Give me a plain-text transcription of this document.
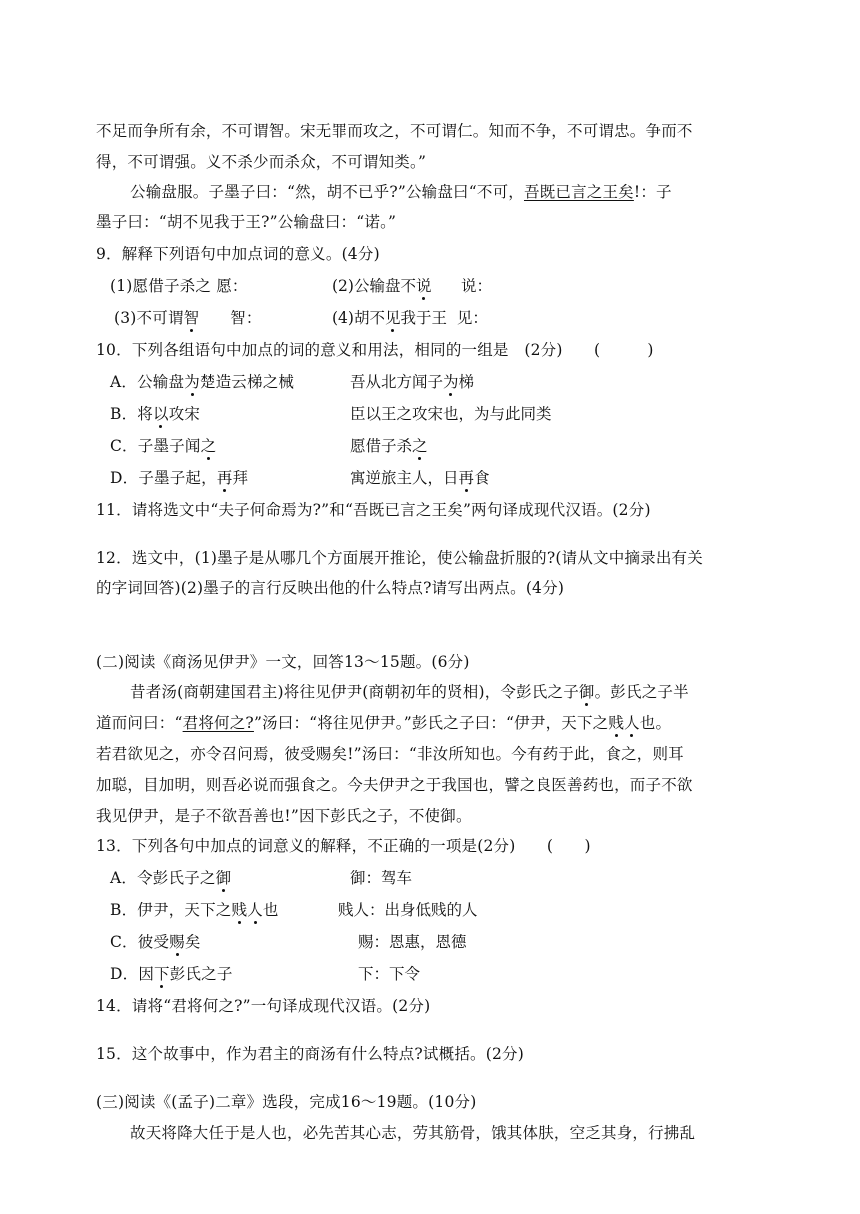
不足而争所有余，不可谓智。宋无罪而攻之，不可谓仁。知而不争，不可谓忠。争而不
得，不可谓强。义不杀少而杀众，不可谓知类。”
公输盘服。子墨子曰：“然，胡不已乎?”公输盘曰“不可，吾既已言之王矣!：子
墨子曰：“胡不见我于王?”公输盘曰：“诺。”
9．解释下列语句中加点词的意义。(4分)
(1)愿借子杀之 愿：	(2)公输盘不说 说：
(3)不可谓智 智：	(4)胡不见我于王 见：
10．下列各组语句中加点的词的意义和用法，相同的一组是　(2分)　　(　　　)
A．公输盘为楚造云梯之械	吾从北方闻子为梯
B．将以攻宋	臣以王之攻宋也，为与此同类
C．子墨子闻之	愿借子杀之
D．子墨子起，再拜	寓逆旅主人，日再食
11．请将选文中“夫子何命焉为?”和“吾既已言之王矣”两句译成现代汉语。(2分)
12．选文中，(1)墨子是从哪几个方面展开推论，使公输盘折服的?(请从文中摘录出有关
的字词回答)(2)墨子的言行反映出他的什么特点?请写出两点。(4分)
(二)阅读《商汤见伊尹》一文，回答13～15题。(6分)
昔者汤(商朝建国君主)将往见伊尹(商朝初年的贤相)，令彭氏之子御。彭氏之子半
道而问曰：“君将何之?”汤曰：“将往见伊尹。”彭氏之子曰：“伊尹，天下之贱人也。
若君欲见之，亦令召问焉，彼受赐矣!”汤曰：“非汝所知也。今有药于此，食之，则耳
加聪，目加明，则吾必说而强食之。今夫伊尹之于我国也，譬之良医善药也，而子不欲
我见伊尹，是子不欲吾善也!”因下彭氏之子，不使御。
13．下列各句中加点的词意义的解释，不正确的一项是(2分)　　(　　)
A．令彭氏子之御	御：驾车
B．伊尹，天下之贱人也	贱人：出身低贱的人
C．彼受赐矣	赐：恩惠，恩德
D．因下彭氏之子	下：下令
14．请将“君将何之?”一句译成现代汉语。(2分)
15．这个故事中，作为君主的商汤有什么特点?试概括。(2分)
(三)阅读《(孟子)二章》选段，完成16～19题。(10分)
故天将降大任于是人也，必先苦其心志，劳其筋骨，饿其体肤，空乏其身，行拂乱
